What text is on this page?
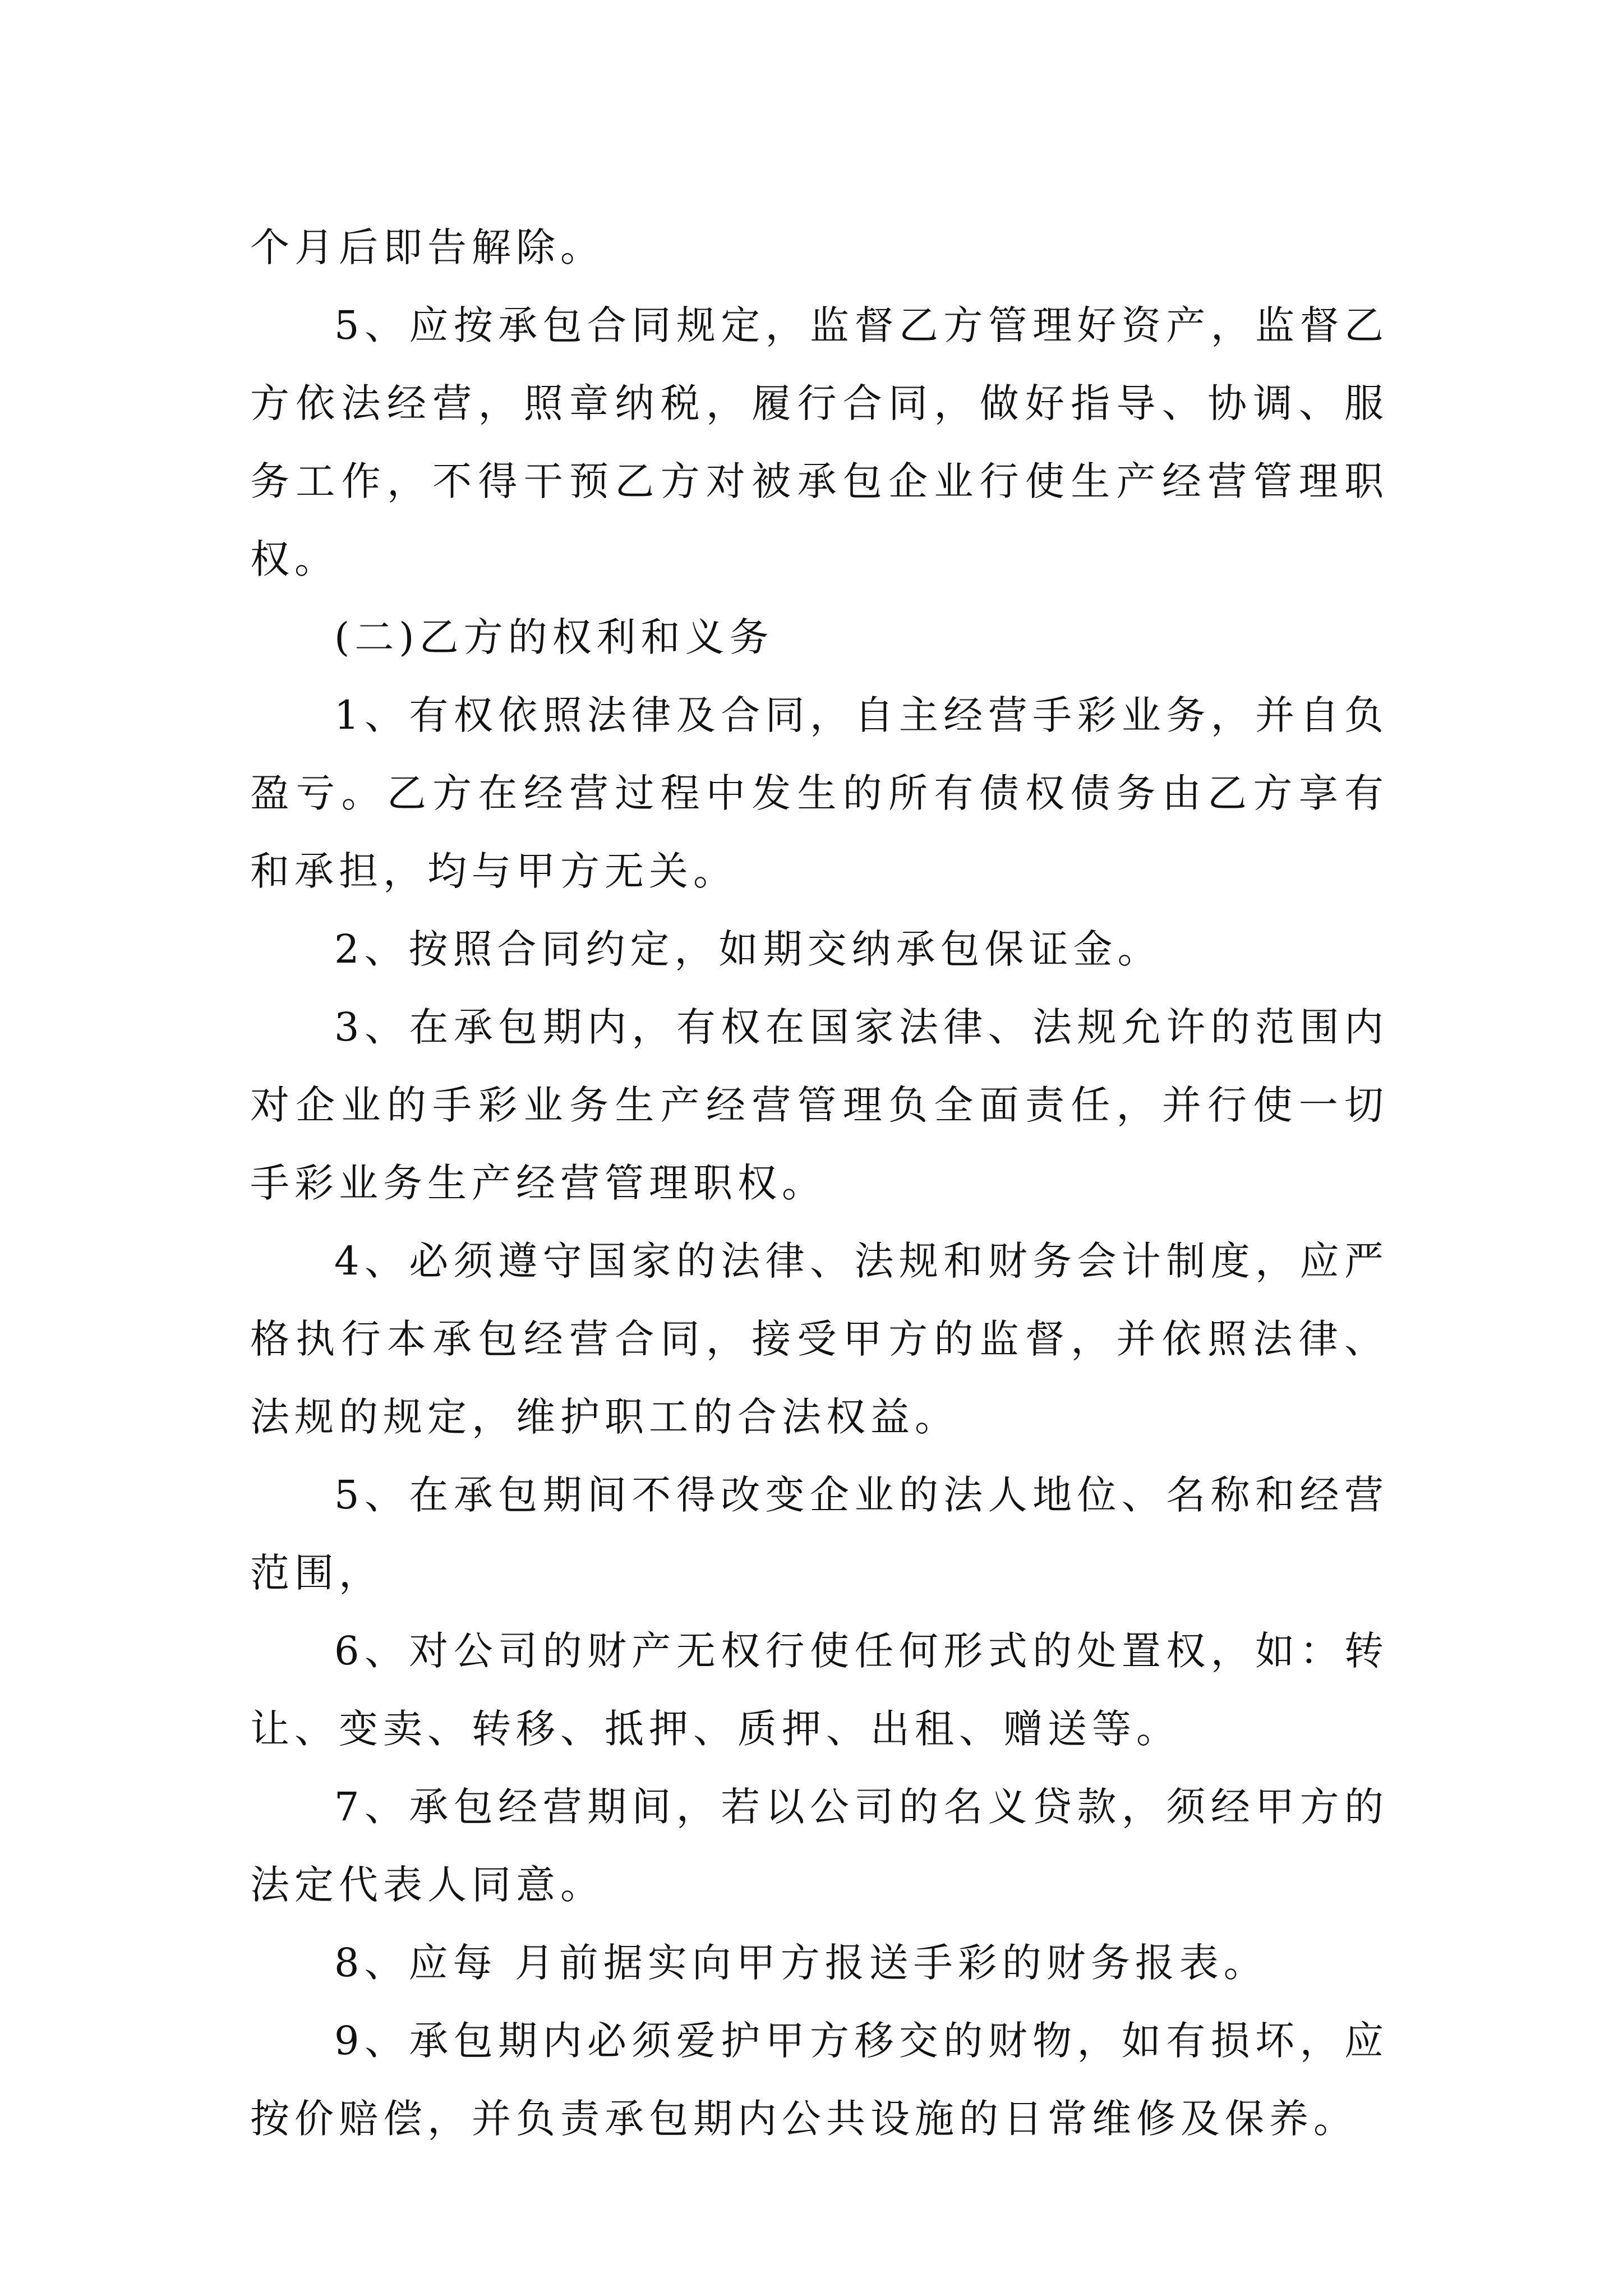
个月后即告解除。

5、应按承包合同规定，监督乙方管理好资产，监督乙方依法经营，照章纳税，履行合同，做好指导、协调、服务工作，不得干预乙方对被承包企业行使生产经营管理职权。

(二)乙方的权利和义务

1、有权依照法律及合同，自主经营手彩业务，并自负盈亏。乙方在经营过程中发生的所有债权债务由乙方享有和承担，均与甲方无关。

2、按照合同约定，如期交纳承包保证金。

3、在承包期内，有权在国家法律、法规允许的范围内对企业的手彩业务生产经营管理负全面责任，并行使一切手彩业务生产经营管理职权。

4、必须遵守国家的法律、法规和财务会计制度，应严格执行本承包经营合同，接受甲方的监督，并依照法律、法规的规定，维护职工的合法权益。

5、在承包期间不得改变企业的法人地位、名称和经营范围，

6、对公司的财产无权行使任何形式的处置权，如：转让、变卖、转移、抵押、质押、出租、赠送等。

7、承包经营期间，若以公司的名义贷款，须经甲方的法定代表人同意。

8、应每 月前据实向甲方报送手彩的财务报表。

9、承包期内必须爱护甲方移交的财物，如有损坏，应按价赔偿，并负责承包期内公共设施的日常维修及保养。
